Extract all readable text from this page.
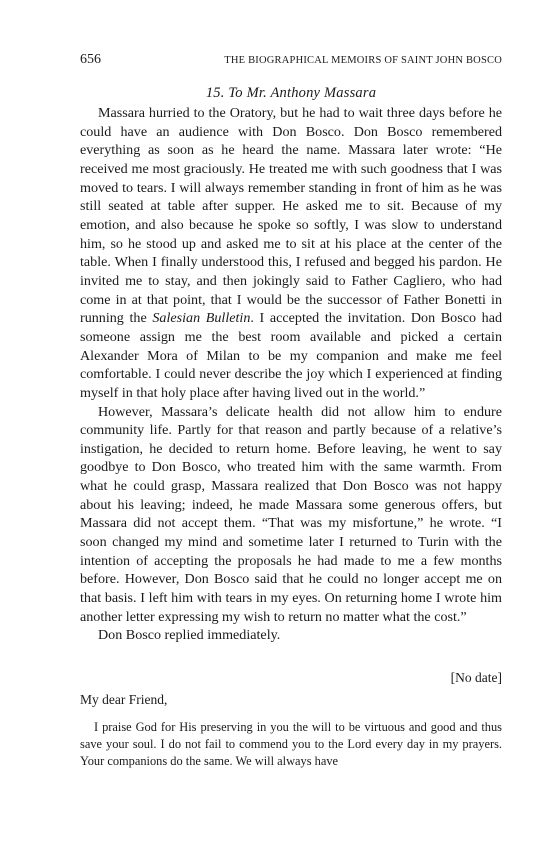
656	THE BIOGRAPHICAL MEMOIRS OF SAINT JOHN BOSCO
15. To Mr. Anthony Massara

Massara hurried to the Oratory, but he had to wait three days before he could have an audience with Don Bosco. Don Bosco remembered everything as soon as he heard the name. Massara later wrote: “He received me most graciously. He treated me with such goodness that I was moved to tears. I will always remember standing in front of him as he was still seated at table after supper. He asked me to sit. Because of my emotion, and also because he spoke so softly, I was slow to understand him, so he stood up and asked me to sit at his place at the center of the table. When I finally understood this, I refused and begged his pardon. He invited me to stay, and then jokingly said to Father Cagliero, who had come in at that point, that I would be the successor of Father Bonetti in running the Salesian Bulletin. I accepted the invitation. Don Bosco had someone assign me the best room available and picked a certain Alexander Mora of Milan to be my companion and make me feel comfortable. I could never describe the joy which I experienced at finding myself in that holy place after having lived out in the world.”

However, Massara’s delicate health did not allow him to endure community life. Partly for that reason and partly because of a relative’s instigation, he decided to return home. Before leaving, he went to say goodbye to Don Bosco, who treated him with the same warmth. From what he could grasp, Massara realized that Don Bosco was not happy about his leaving; indeed, he made Massara some generous offers, but Massara did not accept them. “That was my misfortune,” he wrote. “I soon changed my mind and sometime later I returned to Turin with the intention of accepting the proposals he had made to me a few months before. However, Don Bosco said that he could no longer accept me on that basis. I left him with tears in my eyes. On returning home I wrote him another letter expressing my wish to return no matter what the cost.”

Don Bosco replied immediately.

[No date]
My dear Friend,

I praise God for His preserving in you the will to be virtuous and good and thus save your soul. I do not fail to commend you to the Lord every day in my prayers. Your companions do the same. We will always have
